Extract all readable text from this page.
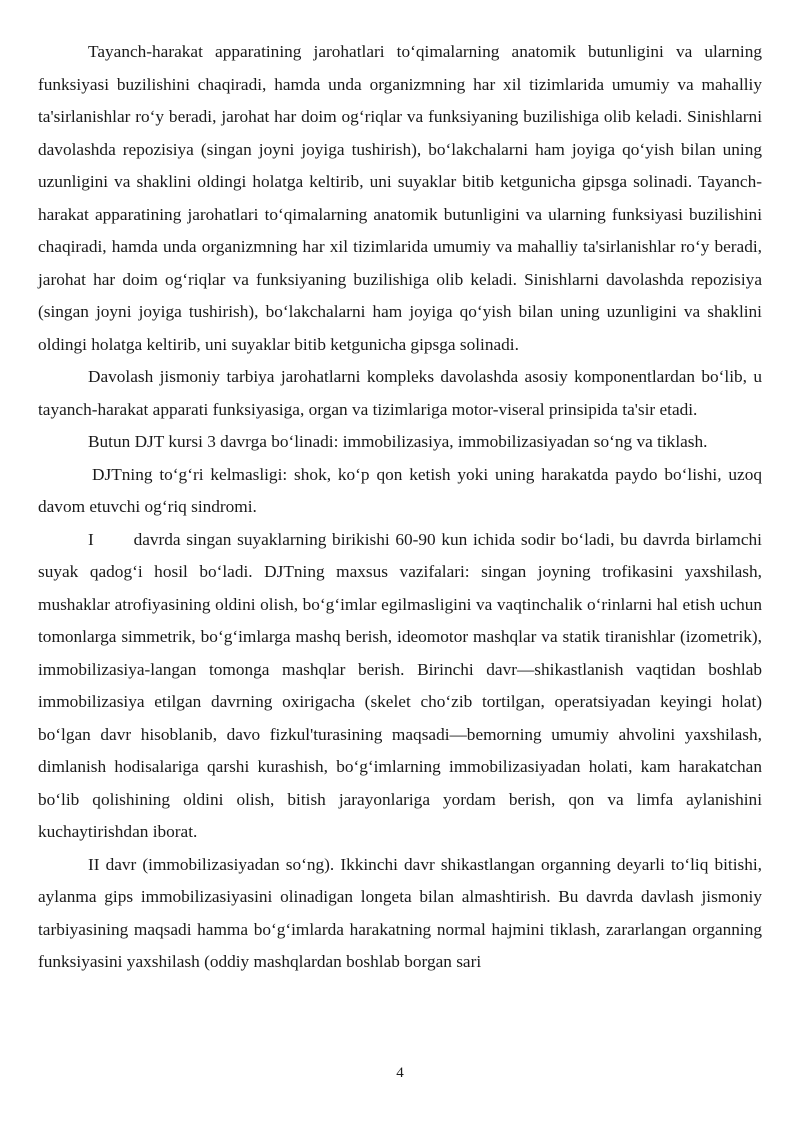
Tayanch-harakat apparatining jarohatlari to‘qimalarning anatomik butunligini va ularning funksiyasi buzilishini chaqiradi, hamda unda organizmning har xil tizimlarida umumiy va mahalliy ta'sirlanishlar ro‘y beradi, jarohat har doim og‘riqlar va funksiyaning buzilishiga olib keladi. Sinishlarni davolashda repozisiya (singan joyni joyiga tushirish), bo‘lakchalarni ham joyiga qo‘yish bilan uning uzunligini va shaklini oldingi holatga keltirib, uni suyaklar bitib ketgunicha gipsga solinadi. Tayanch-harakat apparatining jarohatlari to‘qimalarning anatomik butunligini va ularning funksiyasi buzilishini chaqiradi, hamda unda organizmning har xil tizimlarida umumiy va mahalliy ta'sirlanishlar ro‘y beradi, jarohat har doim og‘riqlar va funksiyaning buzilishiga olib keladi. Sinishlarni davolashda repozisiya (singan joyni joyiga tushirish), bo‘lakchalarni ham joyiga qo‘yish bilan uning uzunligini va shaklini oldingi holatga keltirib, uni suyaklar bitib ketgunicha gipsga solinadi.

Davolash jismoniy tarbiya jarohatlarni kompleks davolashda asosiy komponentlardan bo‘lib, u tayanch-harakat apparati funksiyasiga, organ va tizimlariga motor-viseral prinsipida ta'sir etadi.

Butun DJT kursi 3 davrga bo‘linadi: immobilizasiya, immobilizasiyadan so‘ng va tiklash.

DJTning to‘g‘ri kelmasligi: shok, ko‘p qon ketish yoki uning harakatda paydo bo‘lishi, uzoq davom etuvchi og‘riq sindromi.

I       davrda singan suyaklarning birikishi 60-90 kun ichida sodir bo‘ladi, bu davrda birlamchi suyak qadog‘i hosil bo‘ladi. DJTning maxsus vazifalari: singan joyning trofikasini yaxshilash, mushaklar atrofiyasining oldini olish, bo‘g‘imlar egilmasligini va vaqtinchalik o‘rinlarni hal etish uchun tomonlarga simmetrik, bo‘g‘imlarga mashq berish, ideomotor mashqlar va statik tiranishlar (izometrik), immobilizasiya-langan tomonga mashqlar berish. Birinchi davr—shikastlanish vaqtidan boshlab immobilizasiya etilgan davrning oxirigacha (skelet cho‘zib tortilgan, operatsiyadan keyingi holat) bo‘lgan davr hisoblanib, davo fizkul'turasining maqsadi—bemorning umumiy ahvolini yaxshilash, dimlanish hodisalariga qarshi kurashish, bo‘g‘imlarning immobilizasiyadan holati, kam harakatchan bo‘lib qolishining oldini olish, bitish jarayonlariga yordam berish, qon va limfa aylanishini kuchaytirishdan iborat.

II davr (immobilizasiyadan so‘ng). Ikkinchi davr shikastlangan organning deyarli to‘liq bitishi, aylanma gips immobilizasiyasini olinadigan longeta bilan almashtirish. Bu davrda davlash jismoniy tarbiyasining maqsadi hamma bo‘g‘imlarda harakatning normal hajmini tiklash, zararlangan organning funksiyasini yaxshilash (oddiy mashqlardan boshlab borgan sari

4
